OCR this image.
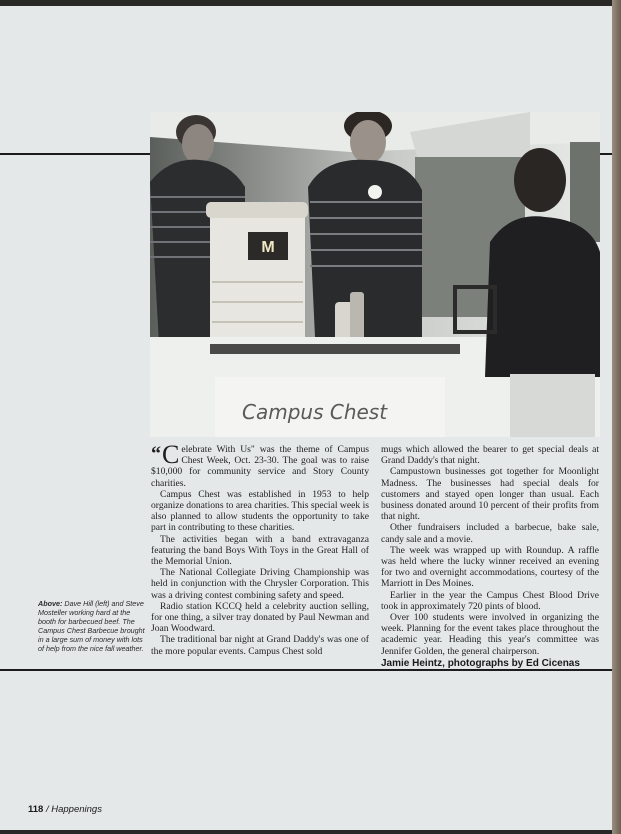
M
Campus Chest
Above: Dave Hill (left) and Steve Mosteller working hard at the booth for barbecued beef. The Campus Chest Barbecue brought in a large sum of money with lots of help from the nice fall weather.

“ C elebrate With Us" was the theme of Campus Chest Week, Oct. 23-30. The goal was to raise $10,000 for community service and Story County charities.

Campus Chest was established in 1953 to help organize donations to area charities. This special week is also planned to allow students the opportunity to take part in contributing to these charities.

The activities began with a band extravaganza featuring the band Boys With Toys in the Great Hall of the Memorial Union.

The National Collegiate Driving Championship was held in conjunction with the Chrysler Corporation. This was a driving contest combining safety and speed.

Radio station KCCQ held a celebrity auction selling, for one thing, a silver tray donated by Paul Newman and Joan Woodward.

The traditional bar night at Grand Daddy's was one of the more popular events. Campus Chest sold

mugs which allowed the bearer to get special deals at Grand Daddy's that night.

Campustown businesses got together for Moonlight Madness. The businesses had special deals for customers and stayed open longer than usual. Each business donated around 10 percent of their profits from that night.

Other fundraisers included a barbecue, bake sale, candy sale and a movie.

The week was wrapped up with Roundup. A raffle was held where the lucky winner received an evening for two and overnight accommodations, courtesy of the Marriott in Des Moines.

Earlier in the year the Campus Chest Blood Drive took in approximately 720 pints of blood.

Over 100 students were involved in organizing the week. Planning for the event takes place throughout the academic year. Heading this year's committee was Jennifer Golden, the general chairperson.

Jamie Heintz, photographs by Ed Cicenas
118 / Happenings
